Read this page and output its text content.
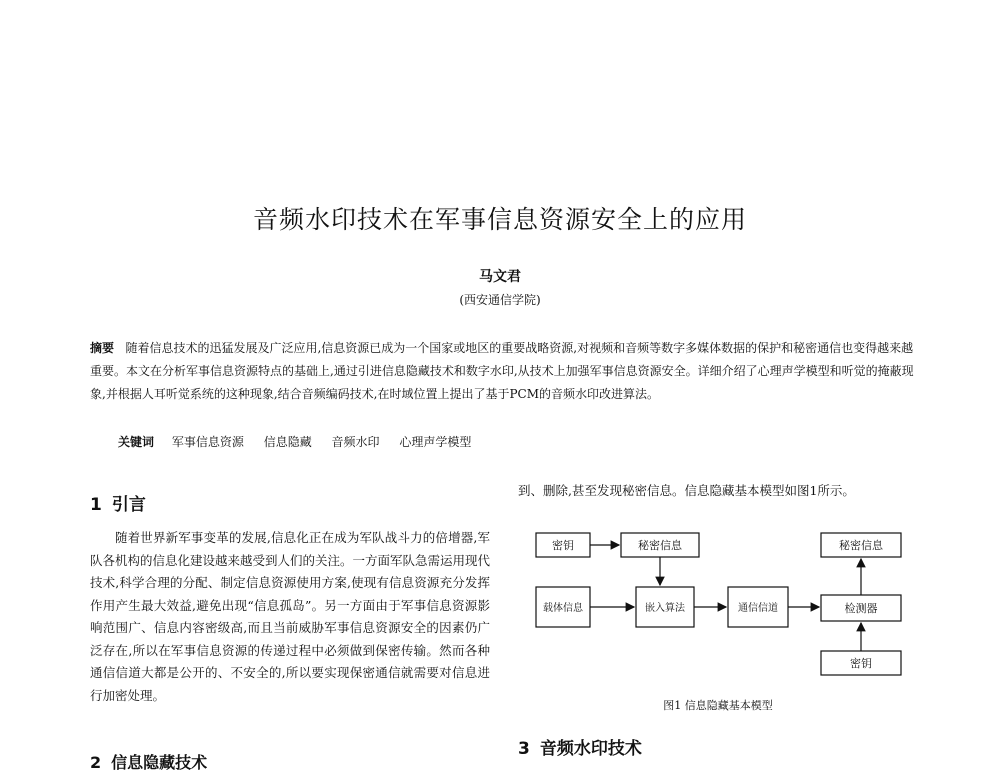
音频水印技术在军事信息资源安全上的应用
马文君
(西安通信学院)
摘要 随着信息技术的迅猛发展及广泛应用,信息资源已成为一个国家或地区的重要战略资源,对视频和音频等数字多媒体数据的保护和秘密通信也变得越来越重要。本文在分析军事信息资源特点的基础上,通过引进信息隐藏技术和数字水印,从技术上加强军事信息资源安全。详细介绍了心理声学模型和听觉的掩蔽现象,并根据人耳听觉系统的这种现象,结合音频编码技术,在时域位置上提出了基于PCM的音频水印改进算法。
关键词 军事信息资源 信息隐藏 音频水印 心理声学模型
1 引言
随着世界新军事变革的发展,信息化正在成为军队战斗力的倍增器,军队各机构的信息化建设越来越受到人们的关注。一方面军队急需运用现代技术,科学合理的分配、制定信息资源使用方案,使现有信息资源充分发挥作用产生最大效益,避免出现“信息孤岛”。另一方面由于军事信息资源影响范围广、信息内容密级高,而且当前威胁军事信息资源安全的因素仍广泛存在,所以在军事信息资源的传递过程中必须做到保密传输。然而各种通信信道大都是公开的、不安全的,所以要实现保密通信就需要对信息进行加密处理。
2 信息隐藏技术
到、删除,甚至发现秘密信息。信息隐藏基本模型如图1所示。
密钥	秘密信息	秘密信息
载体信息	嵌入算法	通信信道	检测器
密钥
图1 信息隐藏基本模型
3 音频水印技术
